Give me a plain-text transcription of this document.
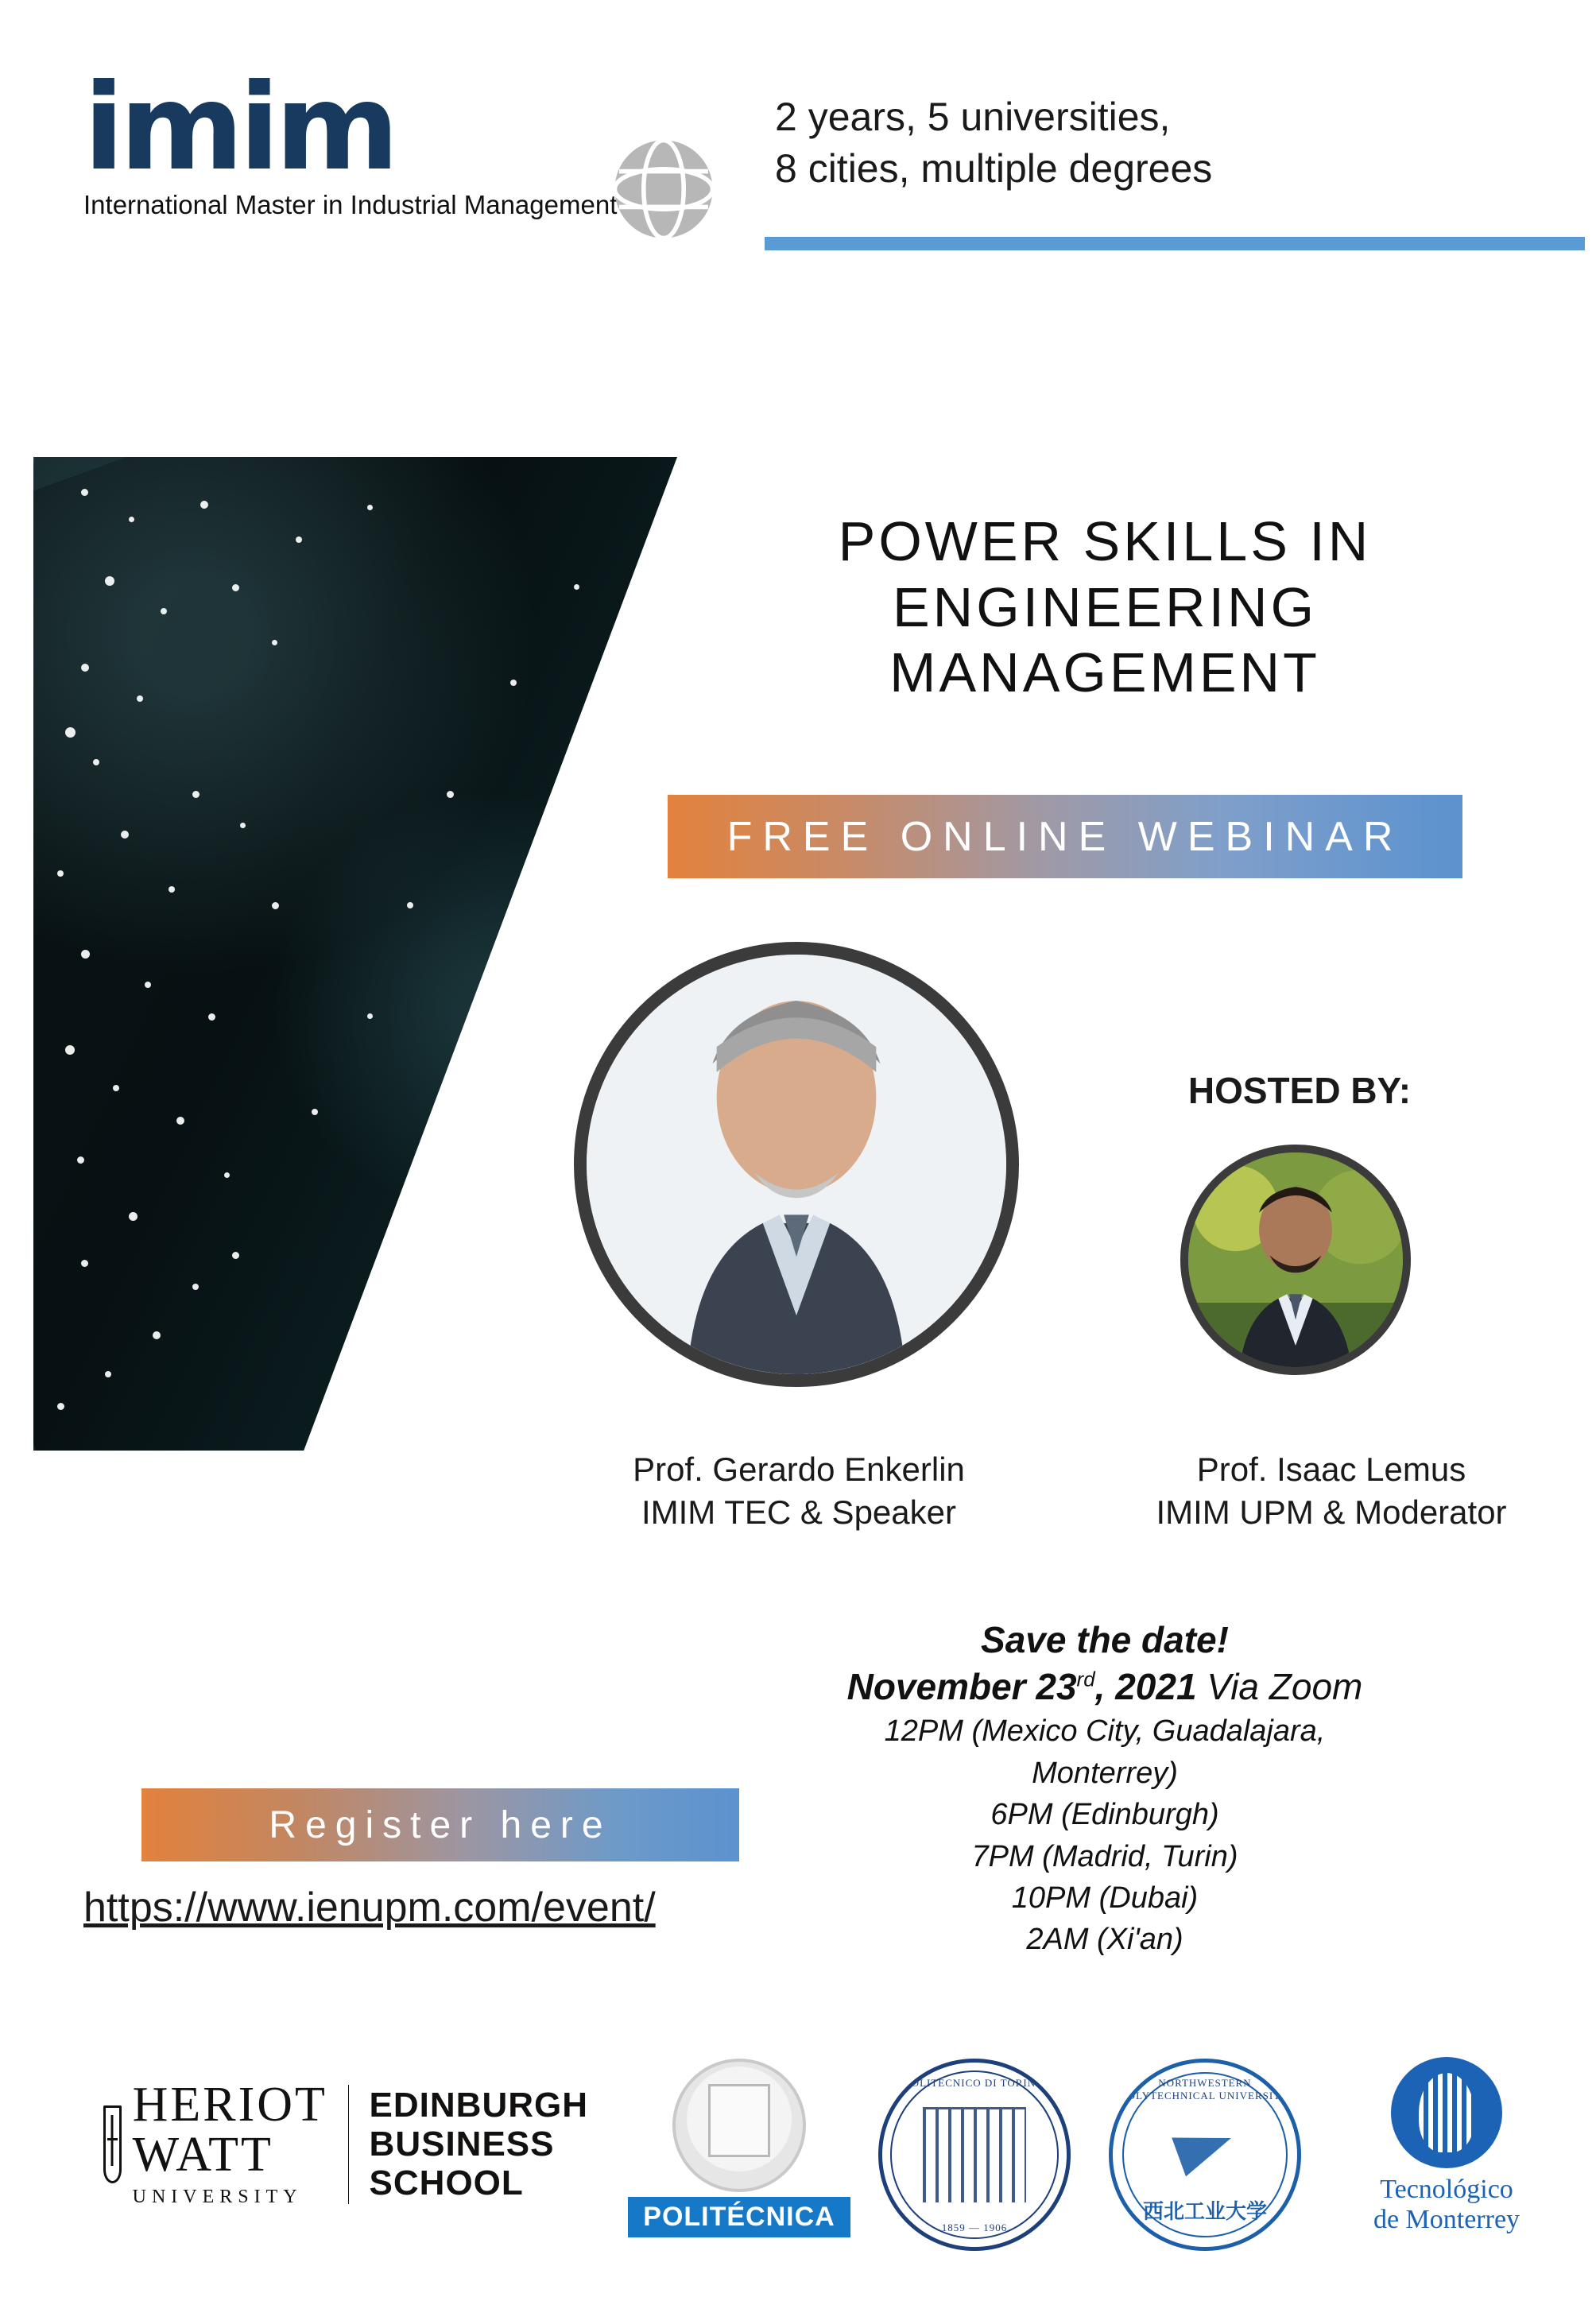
imim
International Master in Industrial Management
2 years, 5 universities,
8 cities, multiple degrees
POWER SKILLS IN
ENGINEERING
MANAGEMENT
FREE ONLINE WEBINAR
HOSTED BY:
Prof. Gerardo Enkerlin
IMIM TEC & Speaker
Prof. Isaac Lemus
IMIM UPM & Moderator
Save the date!
November 23rd, 2021 Via Zoom
12PM (Mexico City, Guadalajara,
Monterrey)
6PM (Edinburgh)
7PM (Madrid, Turin)
10PM (Dubai)
2AM (Xi'an)
Register here
https://www.ienupm.com/event/
HERIOT
WATT
UNIVERSITY
EDINBURGH
BUSINESS
SCHOOL
POLITÉCNICA
POLITECNICO DI TORINO
1859 — 1906
NORTHWESTERN POLYTECHNICAL UNIVERSITY
西北工业大学
Tecnológico
de Monterrey
